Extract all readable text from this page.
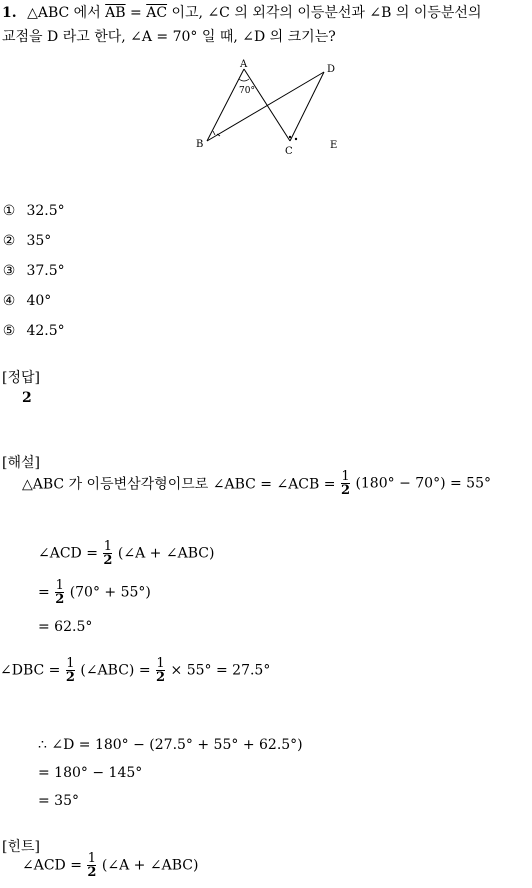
1. △ABC 에서 $\overline{AB} = \overline{AC}$ 이고, ∠C 의 외각의 이등분선과 ∠B 의 이등분선의
교점을 D 라고 한다, ∠A = 70° 일 때, ∠D 의 크기는?
A
B
C
D
E
70°
① 32.5°
② 35°
③ 37.5°
④ 40°
⑤ 42.5°
[정답]
2
[해설]
△ABC 가 이등변삼각형이므로 ∠ABC = ∠ACB = $\frac{1}{2} (180^\circ - 70^\circ) = 55^\circ$
∠ACD = $\frac{1}{2}$ (∠A + ∠ABC)
= $\frac{1}{2} (70^\circ + 55^\circ)$
= 62.5°
∠DBC = $\frac{1}{2}$ (∠ABC) = $\frac{1}{2} \times 55^\circ = 27.5^\circ$
∴ ∠D = 180° − (27.5° + 55° + 62.5°)
= 180° − 145°
= 35°
[힌트]
∠ACD = $\frac{1}{2}$ (∠A + ∠ABC)
